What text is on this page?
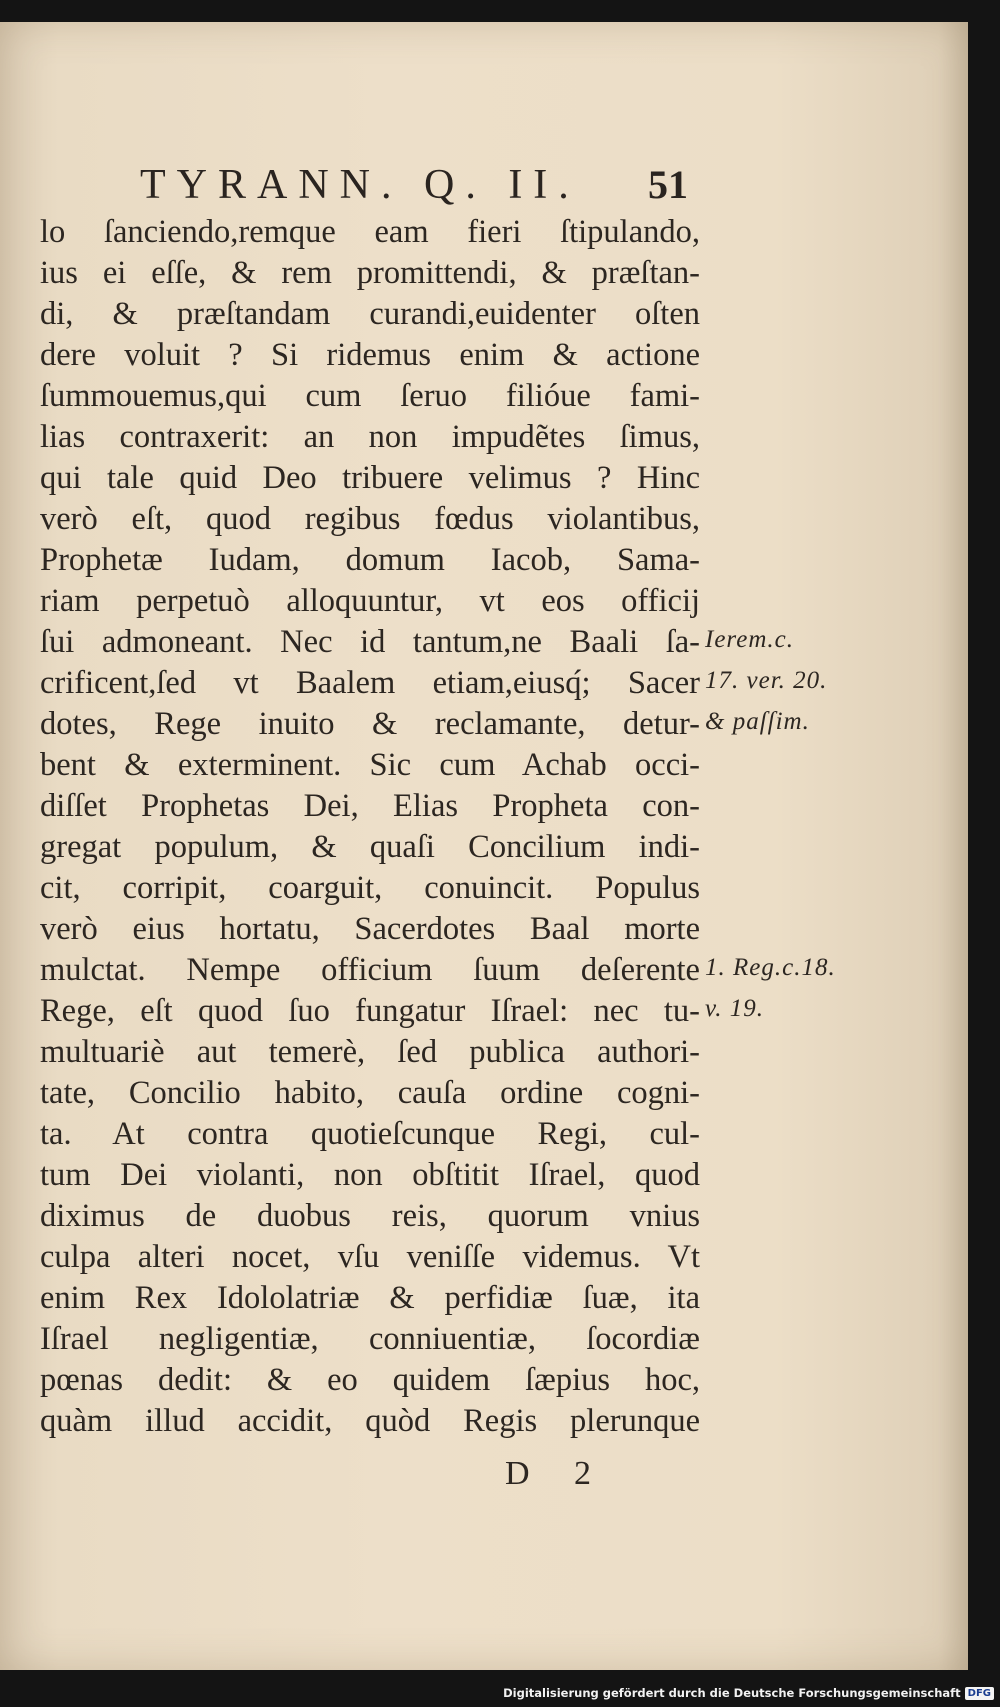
TYRANN. Q. II. 51
lo ſanciendo,remque eam fieri ſtipulando,
ius ei eſſe, & rem promittendi, & præſtan-
di, & præſtandam curandi,euidenter oſten
dere voluit ? Si ridemus enim & actione
ſummouemus,qui cum ſeruo filióue fami-
lias contraxerit: an non impudẽtes ſimus,
qui tale quid Deo tribuere velimus ? Hinc
verò eſt, quod regibus fœdus violantibus,
Prophetæ Iudam, domum Iacob, Sama-
riam perpetuò alloquuntur, vt eos officij
ſui admoneant. Nec id tantum,ne Baali ſa-
crificent,ſed vt Baalem etiam,eiusq́; Sacer
dotes, Rege inuito & reclamante, detur-
bent & exterminent. Sic cum Achab occi-
diſſet Prophetas Dei, Elias Propheta con-
gregat populum, & quaſi Concilium indi-
cit, corripit, coarguit, conuincit. Populus
verò eius hortatu, Sacerdotes Baal morte
mulctat. Nempe officium ſuum deſerente
Rege, eſt quod ſuo fungatur Iſrael: nec tu-
multuariè aut temerè, ſed publica authori-
tate, Concilio habito, cauſa ordine cogni-
ta. At contra quotieſcunque Regi, cul-
tum Dei violanti, non obſtitit Iſrael, quod
diximus de duobus reis, quorum vnius
culpa alteri nocet, vſu veniſſe videmus. Vt
enim Rex Idololatriæ & perfidiæ ſuæ, ita
Iſrael negligentiæ, conniuentiæ, ſocordiæ
pœnas dedit: & eo quidem ſæpius hoc,
quàm illud accidit, quòd Regis plerunque
Ierem.c.
17. ver. 20.
& paſſim.
1. Reg.c.18.
v. 19.
D 2
Digitalisierung gefördert durch die Deutsche Forschungsgemeinschaft DFG
